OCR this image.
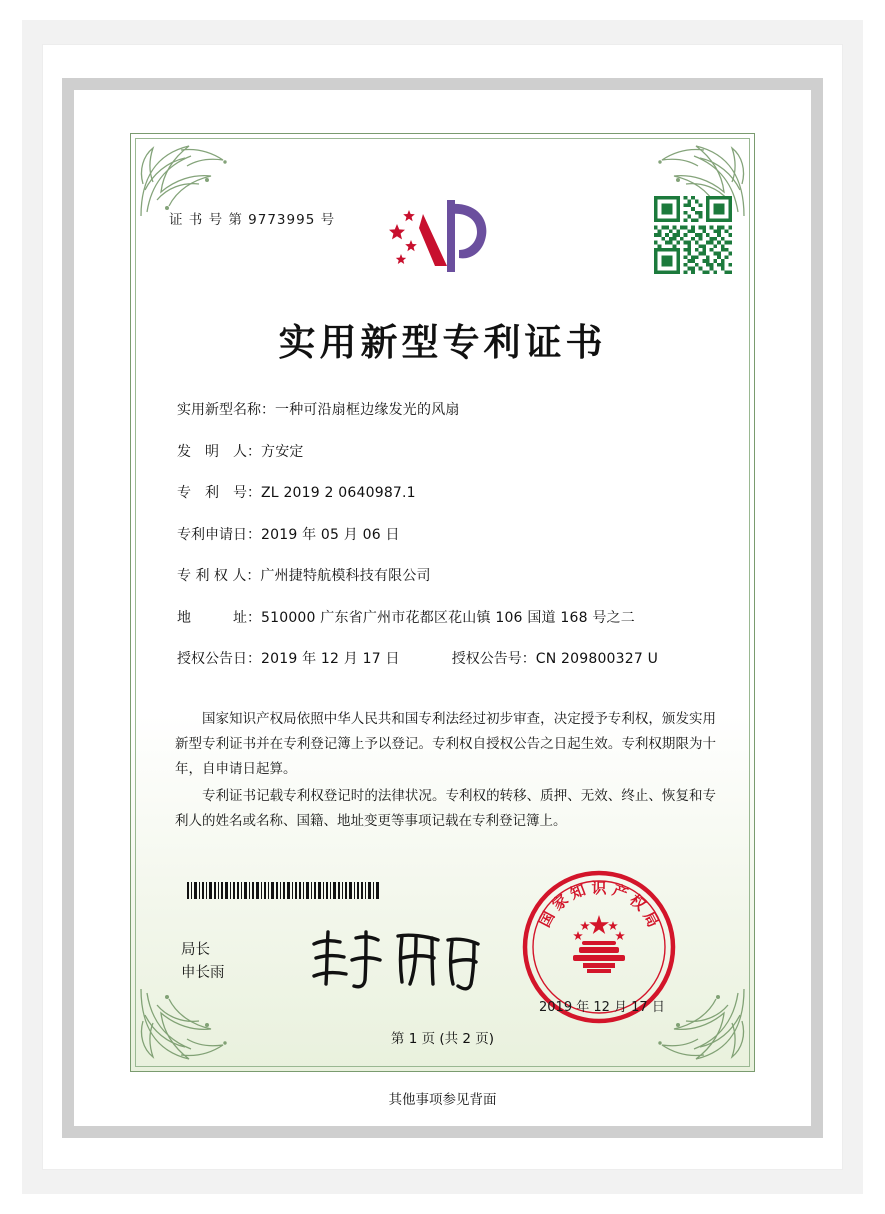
证 书 号 第 9773995 号
实用新型专利证书
实用新型名称： 一种可沿扇框边缘发光的风扇
发　明　人： 方安定
专　利　号： ZL 2019 2 0640987.1
专利申请日： 2019 年 05 月 06 日
专 利 权 人： 广州捷特航模科技有限公司
地　　　址： 510000 广东省广州市花都区花山镇 106 国道 168 号之二
授权公告日： 2019 年 12 月 17 日	授权公告号： CN 209800327 U

国家知识产权局依照中华人民共和国专利法经过初步审查，决定授予专利权，颁发实用新型专利证书并在专利登记簿上予以登记。专利权自授权公告之日起生效。专利权期限为十年，自申请日起算。

专利证书记载专利权登记时的法律状况。专利权的转移、质押、无效、终止、恢复和专利人的姓名或名称、国籍、地址变更等事项记载在专利登记簿上。

局长
申长雨
国
家
知 识 产
权
局
2019 年 12 月 17 日
第 1 页 (共 2 页)
其他事项参见背面
